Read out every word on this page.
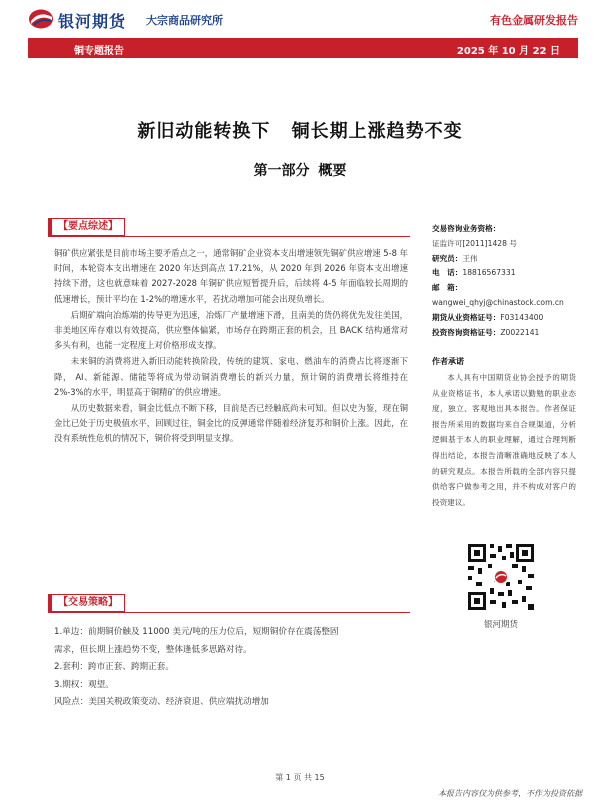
银河期货 大宗商品研究所	有色金属研发报告
铜专题报告	2025 年 10 月 22 日
新旧动能转换下 铜长期上涨趋势不变
第一部分 概要
【要点综述】

铜矿供应紧张是目前市场主要矛盾点之一，通常铜矿企业资本支出增速领先铜矿供应增速 5-8 年时间，本轮资本支出增速在 2020 年达到高点 17.21%，从 2020 年到 2026 年资本支出增速持续下滑，这也就意味着 2027-2028 年铜矿供应短暂提升后，后续将 4-5 年面临较长周期的低速增长，预计平均在 1-2%的增速水平，若扰动增加可能会出现负增长。

后期矿端向冶炼端的传导更为迅速，冶炼厂产量增速下滑，且南美的货仍将优先发往美国，非美地区库存难以有效提高，供应整体偏紧，市场存在跨期正套的机会，且 BACK 结构通常对多头有利，也能一定程度上对价格形成支撑。

未来铜的消费将进入新旧动能转换阶段，传统的建筑、家电、燃油车的消费占比将逐渐下降， AI、新能源、储能等将成为带动铜消费增长的新兴力量，预计铜的消费增长将维持在 2%-3%的水平，明显高于铜精矿的供应增速。

从历史数据来看，铜金比低点不断下移，目前是否已经触底尚未可知。但以史为鉴，现在铜金比已处于历史极值水平，回顾过往，铜金比的反弹通常伴随着经济复苏和铜价上涨。因此，在没有系统性危机的情况下，铜价将受到明显支撑。

【交易策略】

1.单边：前期铜价触及 11000 美元/吨的压力位后，短期铜价存在震荡整固

需求，但长期上涨趋势不变，整体逢低多思路对待。

2.套利：跨市正套、跨期正套。

3.期权：观望。

风险点：美国关税政策变动、经济衰退、供应端扰动增加

交易咨询业务资格：
证监许可[2011]1428 号
研究员：王伟
电　话：18816567331
邮　箱：
wangwei_qhyj@chinastock.com.cn
期货从业资格证号：F03143400
投资咨询资格证号：Z0022141
作者承诺
本人具有中国期货业协会授予的期货从业资格证书，本人承诺以勤勉的职业态度，独立、客观地出具本报告。作者保证报告所采用的数据均来自合规渠道，分析逻辑基于本人的职业理解，通过合理判断得出结论，本报告清晰准确地反映了本人的研究观点。本报告所载的全部内容只提供给客户做参考之用，并不构成对客户的投资建议。
银河期货
第 1 页 共 15
本报告内容仅为供参考，不作为投资依据
